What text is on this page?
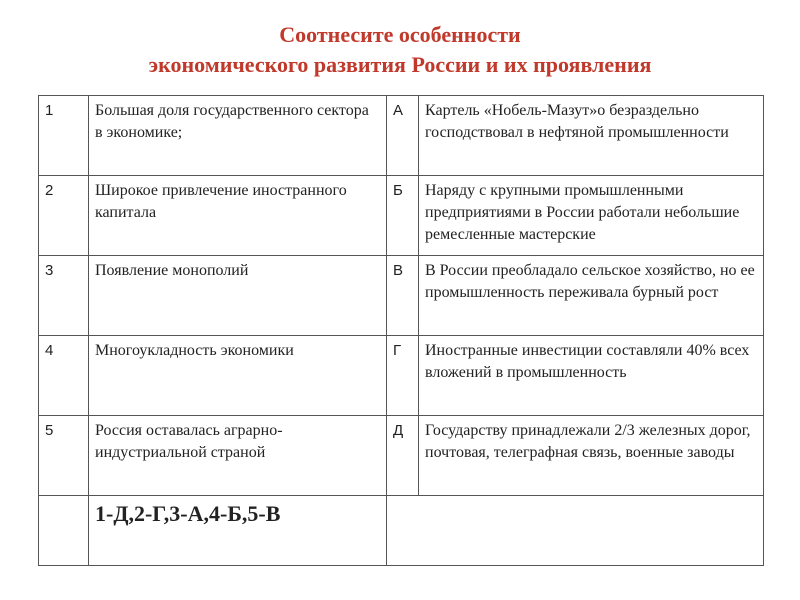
Соотнесите особенности
экономического развития России и их проявления
1	Большая доля государственного сектора в экономике;	А	Картель «Нобель-Мазут»о безраздельно господствовал в нефтяной промышленности
2	Широкое привлечение иностранного капитала	Б	Наряду с крупными промышленными предприятиями в России работали небольшие ремесленные мастерские
3	Появление монополий	В	В России преобладало сельское хозяйство, но ее промышленность переживала бурный рост
4	Многоукладность экономики	Г	Иностранные инвестиции составляли 40% всех вложений в промышленность
5	Россия оставалась аграрно-индустриальной страной	Д	Государству принадлежали 2/3 железных дорог, почтовая, телеграфная связь, военные заводы
	1-Д,2-Г,3-А,4-Б,5-В		
